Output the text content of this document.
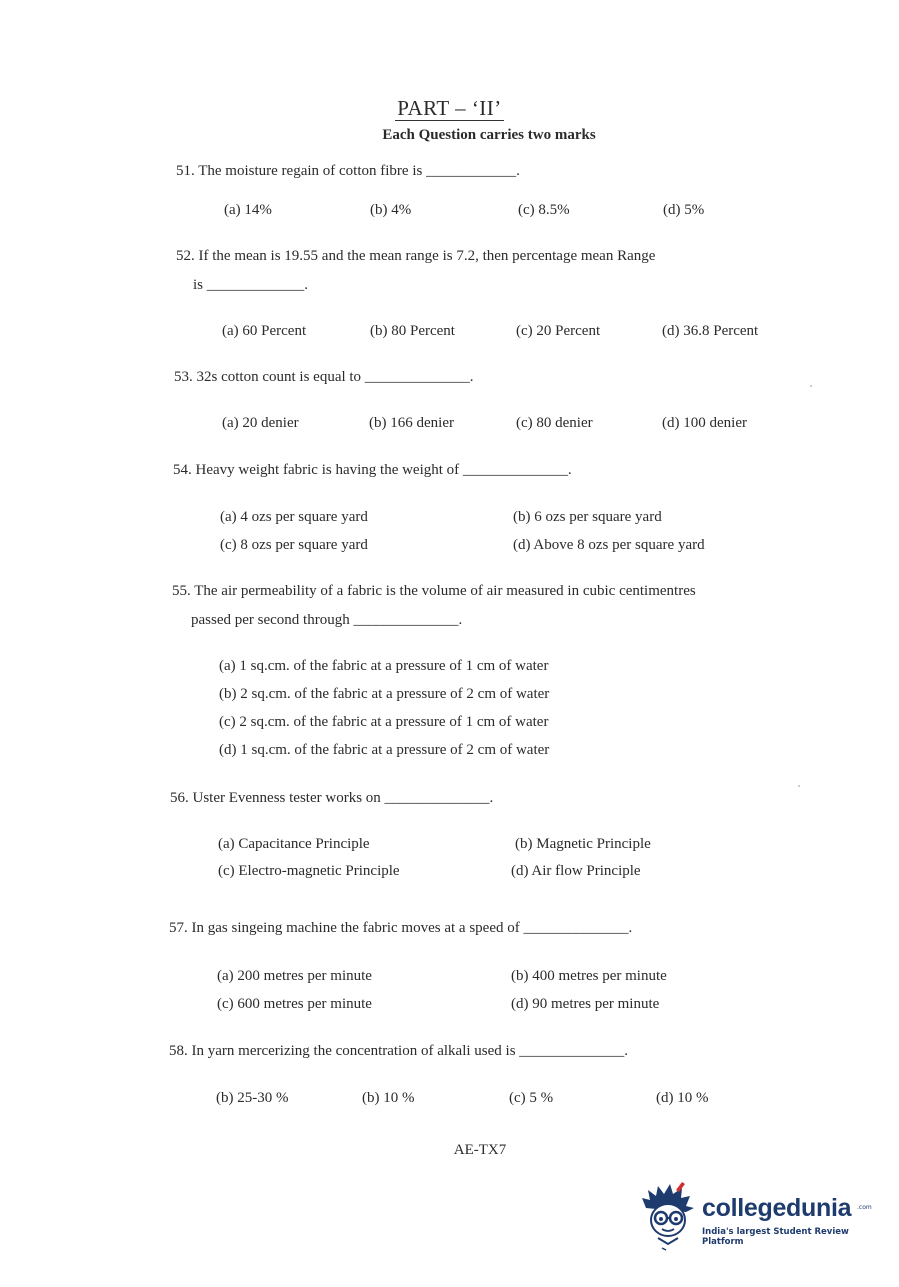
PART – ‘II’
Each Question carries two marks
51. The moisture regain of cotton fibre is ____________.
(a) 14%	(b) 4%	(c) 8.5%	(d) 5%
52. If the mean is 19.55 and the mean range is 7.2, then percentage mean Range
is _____________.
(a) 60 Percent	(b) 80 Percent	(c) 20 Percent	(d) 36.8 Percent
53. 32s cotton count is equal to ______________.
(a) 20 denier	(b) 166 denier	(c) 80 denier	(d) 100 denier
54. Heavy weight fabric is having the weight of ______________.
(a) 4 ozs per square yard	(b) 6 ozs per square yard
(c) 8 ozs per square yard	(d) Above 8 ozs per square yard
55. The air permeability of a fabric is the volume of air measured in cubic centimentres
passed per second through ______________.
(a) 1 sq.cm. of the fabric at a pressure of 1 cm of water
(b) 2 sq.cm. of the fabric at a pressure of 2 cm of water
(c) 2 sq.cm. of the fabric at a pressure of 1 cm of water
(d) 1 sq.cm. of the fabric at a pressure of 2 cm of water
56. Uster Evenness tester works on ______________.
(a) Capacitance Principle	(b) Magnetic Principle
(c) Electro-magnetic Principle	(d) Air flow Principle
57. In gas singeing machine the fabric moves at a speed of ______________.
(a) 200 metres per minute	(b) 400 metres per minute
(c) 600 metres per minute	(d) 90 metres per minute
58. In yarn mercerizing the concentration of alkali used is ______________.
(b) 25-30 %	(b) 10 %	(c) 5 %	(d) 10 %
AE-TX7
collegedunia .com
India's largest Student Review Platform
